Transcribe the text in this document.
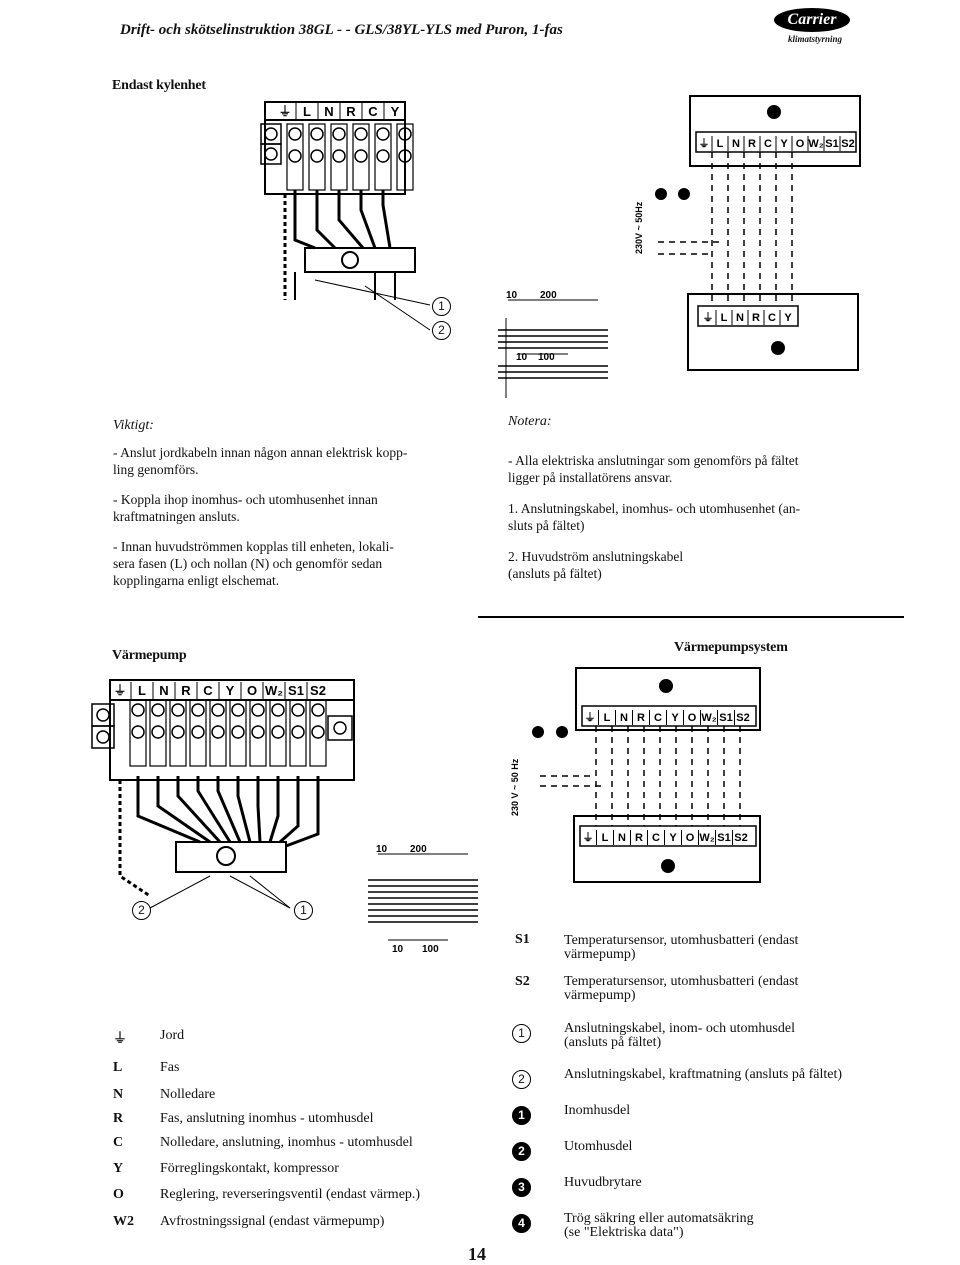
Drift- och skötselinstruktion 38GL - - GLS/38YL-YLS med Puron, 1-fas
Carrier
klimatstyrning
Endast kylenhet
⏚ L N R C Y
1
2
10 200
10 100
⏚ L N R C Y O W₂ S1 S2
⏚ L N R C Y
230V ~ 50Hz
Viktigt:
- Anslut jordkabeln innan någon annan elektrisk kopp-
ling genomförs.
- Koppla ihop inomhus- och utomhusenhet innan
kraftmatningen ansluts.
- Innan huvudströmmen kopplas till enheten, lokali-
sera fasen (L) och nollan (N) och genomför sedan
kopplingarna enligt elschemat.
Notera:
- Alla elektriska anslutningar som genomförs på fältet
ligger på installatörens ansvar.
1. Anslutningskabel, inomhus- och utomhusenhet (an-
sluts på fältet)
2. Huvudström anslutningskabel
(ansluts på fältet)
Värmepump
Värmepumpsystem
⏚ L N R C Y O W₂ S1 S2
2	1
10 200
10 100
⏚ L N R C Y O W₂ S1 S2
⏚ L N R C Y O W₂ S1 S2
230 V ~ 50 Hz
S1 Temperatursensor, utomhusbatteri (endast
värmepump)
S2 Temperatursensor, utomhusbatteri (endast
värmepump)
⏚ Jord
L	Fas
N	Nolledare
R	Fas, anslutning inomhus - utomhusdel
C	Nolledare, anslutning, inomhus - utomhusdel
Y	Förreglingskontakt, kompressor
O	Reglering, reverseringsventil (endast värmep.)
W2 Avfrostningssignal (endast värmepump)
1	Anslutningskabel, inom- och utomhusdel
(ansluts på fältet)
2	Anslutningskabel, kraftmatning (ansluts på fältet)
1	Inomhusdel
2	Utomhusdel
3	Huvudbrytare
4	Trög säkring eller automatsäkring
(se "Elektriska data")
14
